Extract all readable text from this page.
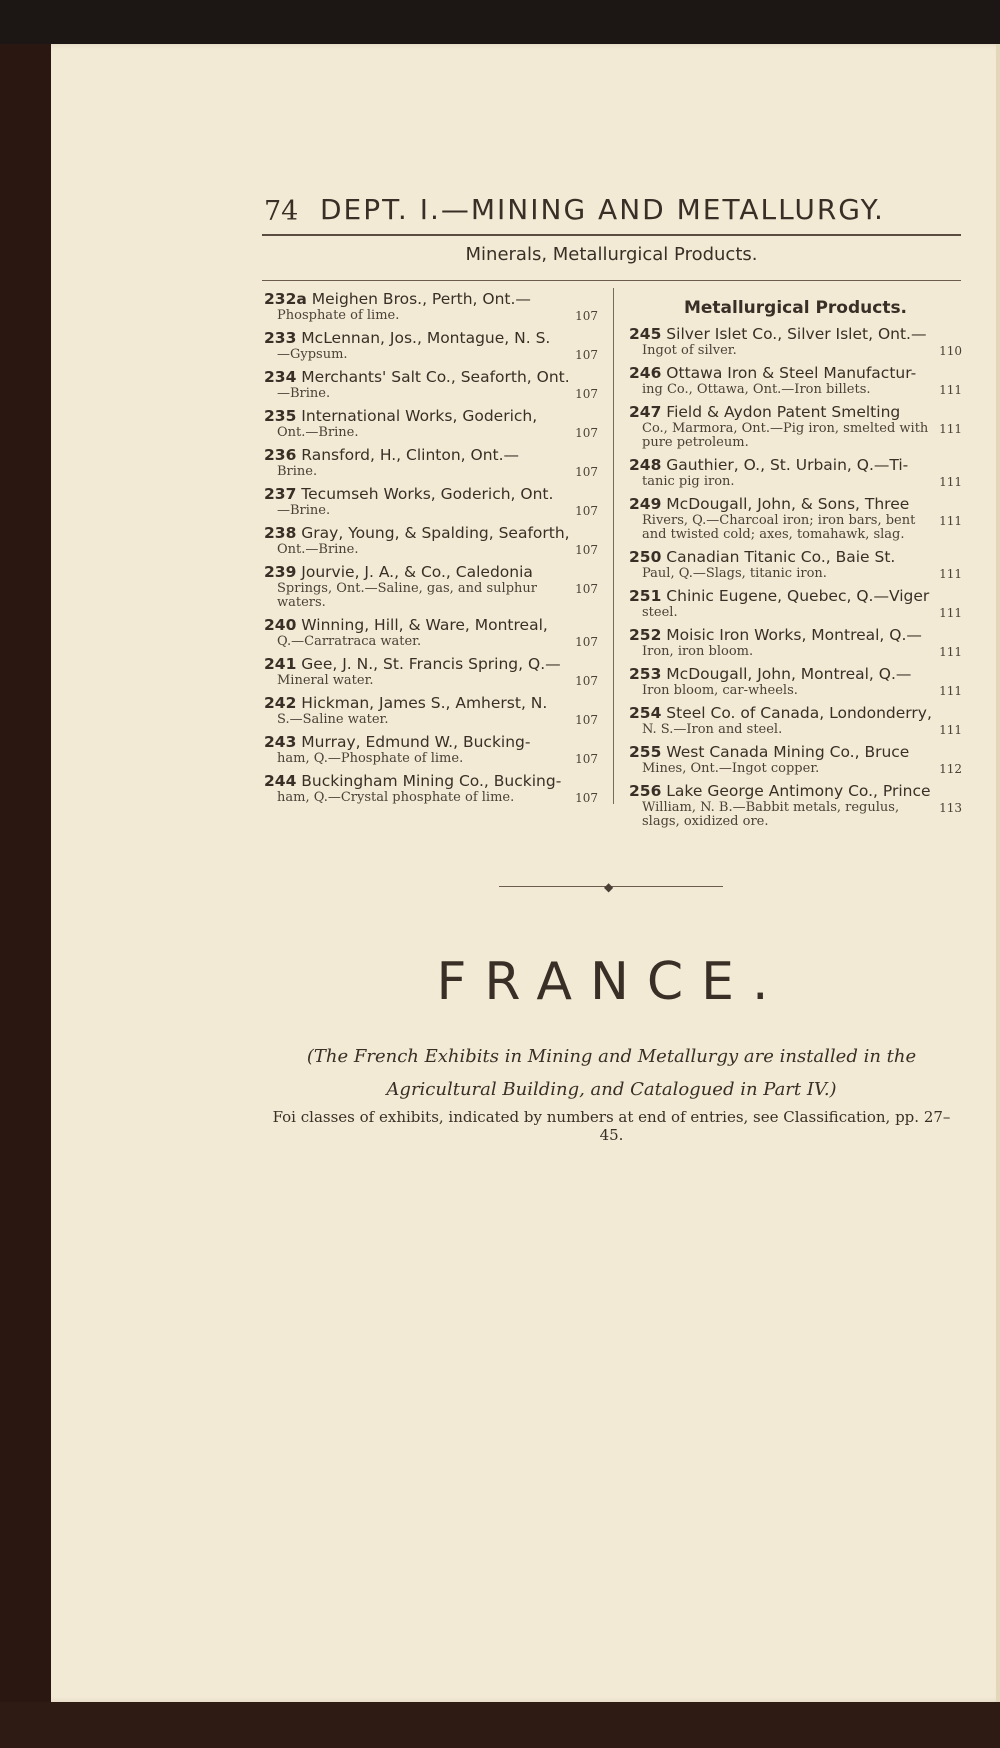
74 DEPT. I.—MINING AND METALLURGY.
Minerals, Metallurgical Products.
232a Meighen Bros., Perth, Ont.—
107
Phosphate of lime.
233 McLennan, Jos., Montague, N. S.
107
—Gypsum.
234 Merchants' Salt Co., Seaforth, Ont.
107
—Brine.
235 International Works, Goderich,
107
Ont.—Brine.
236 Ransford, H., Clinton, Ont.—
107
Brine.
237 Tecumseh Works, Goderich, Ont.
107
—Brine.
238 Gray, Young, & Spalding, Seaforth,
107
Ont.—Brine.
239 Jourvie, J. A., & Co., Caledonia
107
Springs, Ont.—Saline, gas, and sulphur waters.
240 Winning, Hill, & Ware, Montreal,
107
Q.—Carratraca water.
241 Gee, J. N., St. Francis Spring, Q.—
107
Mineral water.
242 Hickman, James S., Amherst, N.
107
S.—Saline water.
243 Murray, Edmund W., Bucking-
107
ham, Q.—Phosphate of lime.
244 Buckingham Mining Co., Bucking-
107
ham, Q.—Crystal phosphate of lime.
Metallurgical Products.
245 Silver Islet Co., Silver Islet, Ont.—
110
Ingot of silver.
246 Ottawa Iron & Steel Manufactur-
111
ing Co., Ottawa, Ont.—Iron billets.
247 Field & Aydon Patent Smelting
111
Co., Marmora, Ont.—Pig iron, smelted with pure petroleum.
248 Gauthier, O., St. Urbain, Q.—Ti-
111
tanic pig iron.
249 McDougall, John, & Sons, Three
111
Rivers, Q.—Charcoal iron; iron bars, bent and twisted cold; axes, tomahawk, slag.
250 Canadian Titanic Co., Baie St.
111
Paul, Q.—Slags, titanic iron.
251 Chinic Eugene, Quebec, Q.—Viger
111
steel.
252 Moisic Iron Works, Montreal, Q.—
111
Iron, iron bloom.
253 McDougall, John, Montreal, Q.—
111
Iron bloom, car-wheels.
254 Steel Co. of Canada, Londonderry,
111
N. S.—Iron and steel.
255 West Canada Mining Co., Bruce
112
Mines, Ont.—Ingot copper.
256 Lake George Antimony Co., Prince
113
William, N. B.—Babbit metals, regulus, slags, oxidized ore.
◆
FRANCE.
(The French Exhibits in Mining and Metallurgy are installed in the Agricultural Building, and Catalogued in Part IV.)
Foi classes of exhibits, indicated by numbers at end of entries, see Classification, pp. 27–45.
